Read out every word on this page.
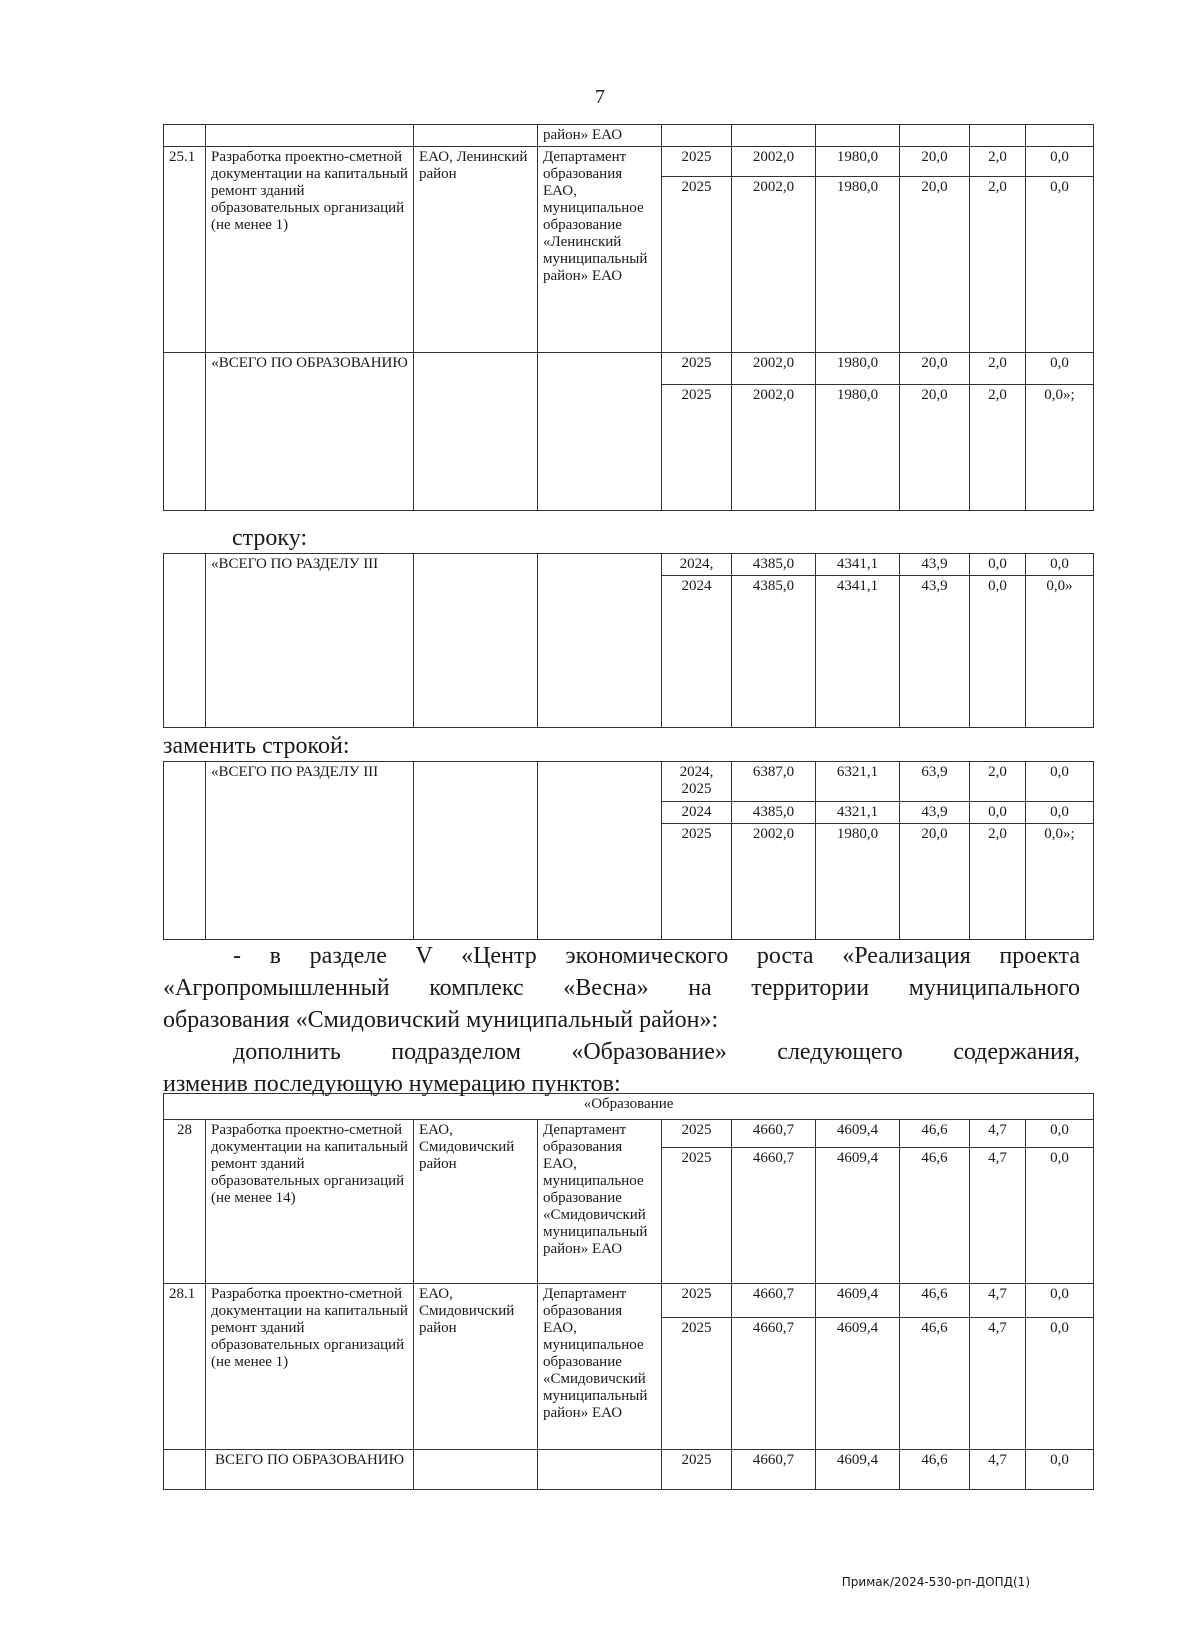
7
			район» ЕАО						
25.1	Разработка проектно-сметной документации на капитальный ремонт зданий образовательных организаций (не менее 1)	ЕАО, Ленинский район	Департамент образования ЕАО, муниципальное образование «Ленинский муниципальный район» ЕАО	2025	2002,0	1980,0	20,0	2,0	0,0
				2025	2002,0	1980,0	20,0	2,0	0,0
	«ВСЕГО ПО ОБРАЗОВАНИЮ			2025	2002,0	1980,0	20,0	2,0	0,0
				2025	2002,0	1980,0	20,0	2,0	0,0»;
строку:
	«ВСЕГО ПО РАЗДЕЛУ III			2024,	4385,0	4341,1	43,9	0,0	0,0
				2024	4385,0	4341,1	43,9	0,0	0,0»
заменить строкой:
	«ВСЕГО ПО РАЗДЕЛУ III			2024, 2025	6387,0	6321,1	63,9	2,0	0,0
				2024	4385,0	4321,1	43,9	0,0	0,0
				2025	2002,0	1980,0	20,0	2,0	0,0»;
- в разделе V «Центр экономического роста «Реализация проекта
«Агропромышленный комплекс «Весна» на территории муниципального
образования «Смидовичский муниципальный район»:
дополнить подразделом «Образование» следующего содержания,
изменив последующую нумерацию пунктов:
«Образование									
28	Разработка проектно-сметной документации на капитальный ремонт зданий образовательных организаций (не менее 14)	ЕАО, Смидовичский район	Департамент образования ЕАО, муниципальное образование «Смидовичский муниципальный район» ЕАО	2025	4660,7	4609,4	46,6	4,7	0,0
				2025	4660,7	4609,4	46,6	4,7	0,0
28.1	Разработка проектно-сметной документации на капитальный ремонт зданий образовательных организаций (не менее 1)	ЕАО, Смидовичский район	Департамент образования ЕАО, муниципальное образование «Смидовичский муниципальный район» ЕАО	2025	4660,7	4609,4	46,6	4,7	0,0
				2025	4660,7	4609,4	46,6	4,7	0,0
	ВСЕГО ПО ОБРАЗОВАНИЮ			2025	4660,7	4609,4	46,6	4,7	0,0
Примак/2024-530-рп-ДОПД(1)
